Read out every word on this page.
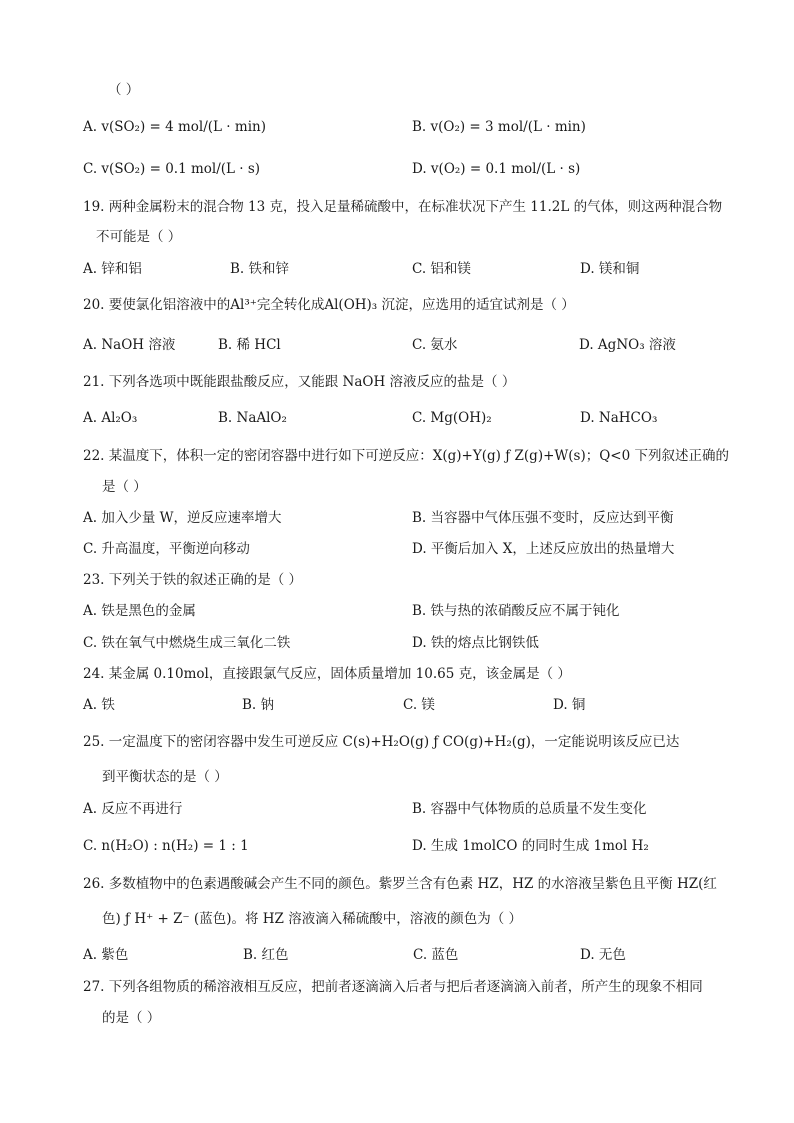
（ ）
A. v(SO₂) = 4 mol/(L · min)	B. v(O₂) = 3 mol/(L · min)
C. v(SO₂) = 0.1 mol/(L · s)	D. v(O₂) = 0.1 mol/(L · s)
19. 两种金属粉末的混合物 13 克，投入足量稀硫酸中，在标准状况下产生 11.2L 的气体，则这两种混合物
不可能是（ ）
A. 锌和铝	B. 铁和锌	C. 铝和镁	D. 镁和铜
20. 要使氯化铝溶液中的Al³⁺完全转化成Al(OH)₃ 沉淀，应选用的适宜试剂是（ ）
A. NaOH 溶液	B. 稀 HCl	C. 氨水	D. AgNO₃ 溶液
21. 下列各选项中既能跟盐酸反应，又能跟 NaOH 溶液反应的盐是（ ）
A. Al₂O₃	B. NaAlO₂	C. Mg(OH)₂	D. NaHCO₃
22. 某温度下，体积一定的密闭容器中进行如下可逆反应：X(g)+Y(g) ƒ Z(g)+W(s)；Q<0 下列叙述正确的
是（ ）
A. 加入少量 W，逆反应速率增大	B. 当容器中气体压强不变时，反应达到平衡
C. 升高温度，平衡逆向移动	D. 平衡后加入 X，上述反应放出的热量增大
23. 下列关于铁的叙述正确的是（ ）
A. 铁是黑色的金属	B. 铁与热的浓硝酸反应不属于钝化
C. 铁在氧气中燃烧生成三氧化二铁	D. 铁的熔点比钢铁低
24. 某金属 0.10mol，直接跟氯气反应，固体质量增加 10.65 克，该金属是（ ）
A. 铁	B. 钠	C. 镁	D. 铜
25. 一定温度下的密闭容器中发生可逆反应 C(s)+H₂O(g) ƒ CO(g)+H₂(g)，一定能说明该反应已达
到平衡状态的是（ ）
A. 反应不再进行	B. 容器中气体物质的总质量不发生变化
C. n(H₂O) : n(H₂) = 1 : 1	D. 生成 1molCO 的同时生成 1mol H₂
26. 多数植物中的色素遇酸碱会产生不同的颜色。紫罗兰含有色素 HZ，HZ 的水溶液呈紫色且平衡 HZ(红
色) ƒ H⁺ + Z⁻ (蓝色)。将 HZ 溶液滴入稀硫酸中，溶液的颜色为（ ）
A. 紫色	B. 红色	C. 蓝色	D. 无色
27. 下列各组物质的稀溶液相互反应，把前者逐滴滴入后者与把后者逐滴滴入前者，所产生的现象不相同
的是（ ）
